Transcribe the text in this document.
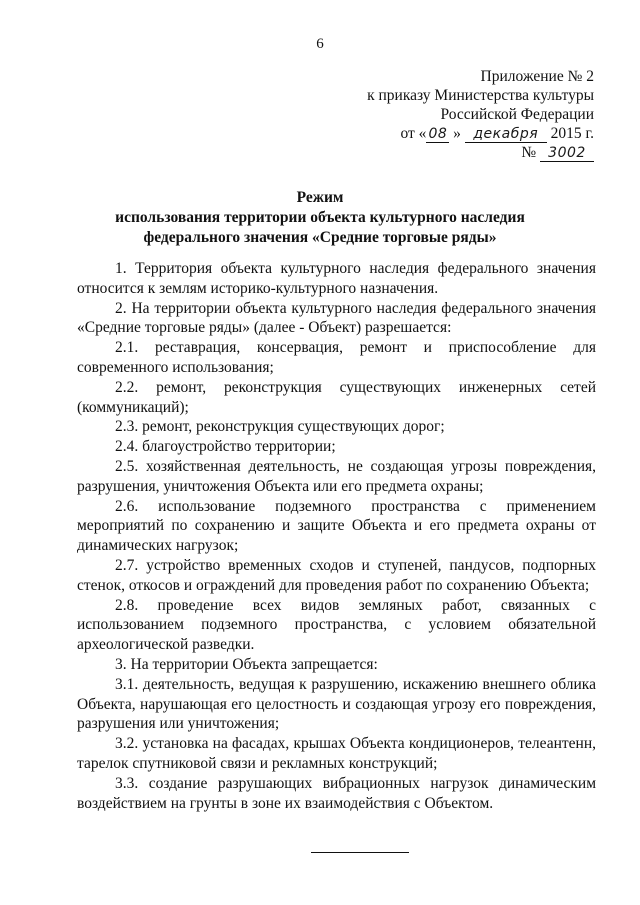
6
Приложение № 2
к приказу Министерства культуры
Российской Федерации
от « 08 » декабря 2015 г.
№ 3002
Режим
использования территории объекта культурного наследия
федерального значения «Средние торговые ряды»

1. Территория объекта культурного наследия федерального значения относится к землям историко-культурного назначения.

2. На территории объекта культурного наследия федерального значения «Средние торговые ряды» (далее - Объект) разрешается:

2.1. реставрация, консервация, ремонт и приспособление для современного использования;

2.2. ремонт, реконструкция существующих инженерных сетей (коммуникаций);

2.3. ремонт, реконструкция существующих дорог;

2.4. благоустройство территории;

2.5. хозяйственная деятельность, не создающая угрозы повреждения, разрушения, уничтожения Объекта или его предмета охраны;

2.6. использование подземного пространства с применением мероприятий по сохранению и защите Объекта и его предмета охраны от динамических нагрузок;

2.7. устройство временных сходов и ступеней, пандусов, подпорных стенок, откосов и ограждений для проведения работ по сохранению Объекта;

2.8. проведение всех видов земляных работ, связанных с использованием подземного пространства, с условием обязательной археологической разведки.

3. На территории Объекта запрещается:

3.1. деятельность, ведущая к разрушению, искажению внешнего облика Объекта, нарушающая его целостность и создающая угрозу его повреждения, разрушения или уничтожения;

3.2. установка на фасадах, крышах Объекта кондиционеров, телеантенн, тарелок спутниковой связи и рекламных конструкций;

3.3. создание разрушающих вибрационных нагрузок динамическим воздействием на грунты в зоне их взаимодействия с Объектом.
